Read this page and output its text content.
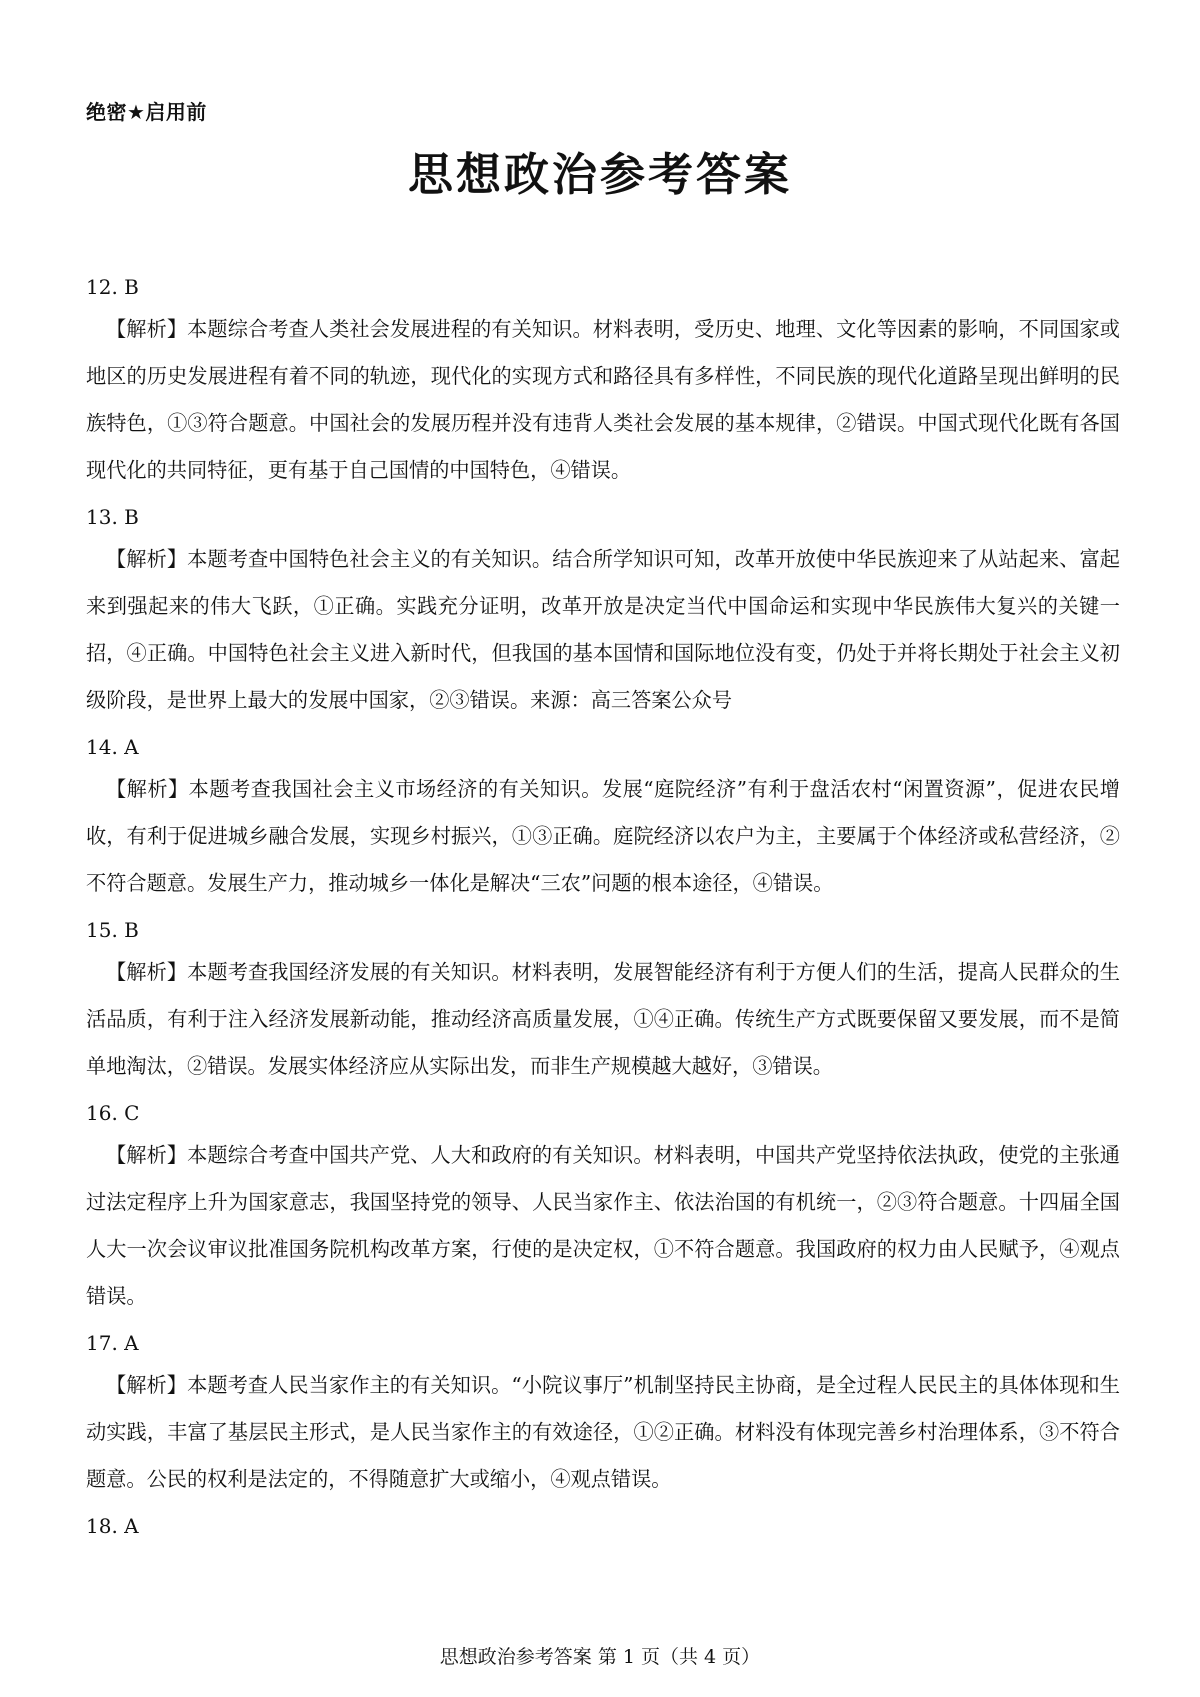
绝密★启用前
思想政治参考答案
12. B
【解析】本题综合考查人类社会发展进程的有关知识。材料表明，受历史、地理、文化等因素的影响，不同国家或地区的历史发展进程有着不同的轨迹，现代化的实现方式和路径具有多样性，不同民族的现代化道路呈现出鲜明的民族特色，①③符合题意。中国社会的发展历程并没有违背人类社会发展的基本规律，②错误。中国式现代化既有各国现代化的共同特征，更有基于自己国情的中国特色，④错误。
13. B
【解析】本题考查中国特色社会主义的有关知识。结合所学知识可知，改革开放使中华民族迎来了从站起来、富起来到强起来的伟大飞跃，①正确。实践充分证明，改革开放是决定当代中国命运和实现中华民族伟大复兴的关键一招，④正确。中国特色社会主义进入新时代，但我国的基本国情和国际地位没有变，仍处于并将长期处于社会主义初级阶段，是世界上最大的发展中国家，②③错误。来源：高三答案公众号
14. A
【解析】本题考查我国社会主义市场经济的有关知识。发展“庭院经济”有利于盘活农村“闲置资源”，促进农民增收，有利于促进城乡融合发展，实现乡村振兴，①③正确。庭院经济以农户为主，主要属于个体经济或私营经济，②不符合题意。发展生产力，推动城乡一体化是解决“三农”问题的根本途径，④错误。
15. B
【解析】本题考查我国经济发展的有关知识。材料表明，发展智能经济有利于方便人们的生活，提高人民群众的生活品质，有利于注入经济发展新动能，推动经济高质量发展，①④正确。传统生产方式既要保留又要发展，而不是简单地淘汰，②错误。发展实体经济应从实际出发，而非生产规模越大越好，③错误。
16. C
【解析】本题综合考查中国共产党、人大和政府的有关知识。材料表明，中国共产党坚持依法执政，使党的主张通过法定程序上升为国家意志，我国坚持党的领导、人民当家作主、依法治国的有机统一，②③符合题意。十四届全国人大一次会议审议批准国务院机构改革方案，行使的是决定权，①不符合题意。我国政府的权力由人民赋予，④观点错误。
17. A
【解析】本题考查人民当家作主的有关知识。“小院议事厅”机制坚持民主协商，是全过程人民民主的具体体现和生动实践，丰富了基层民主形式，是人民当家作主的有效途径，①②正确。材料没有体现完善乡村治理体系，③不符合题意。公民的权利是法定的，不得随意扩大或缩小，④观点错误。
18. A
思想政治参考答案 第 1 页（共 4 页）
